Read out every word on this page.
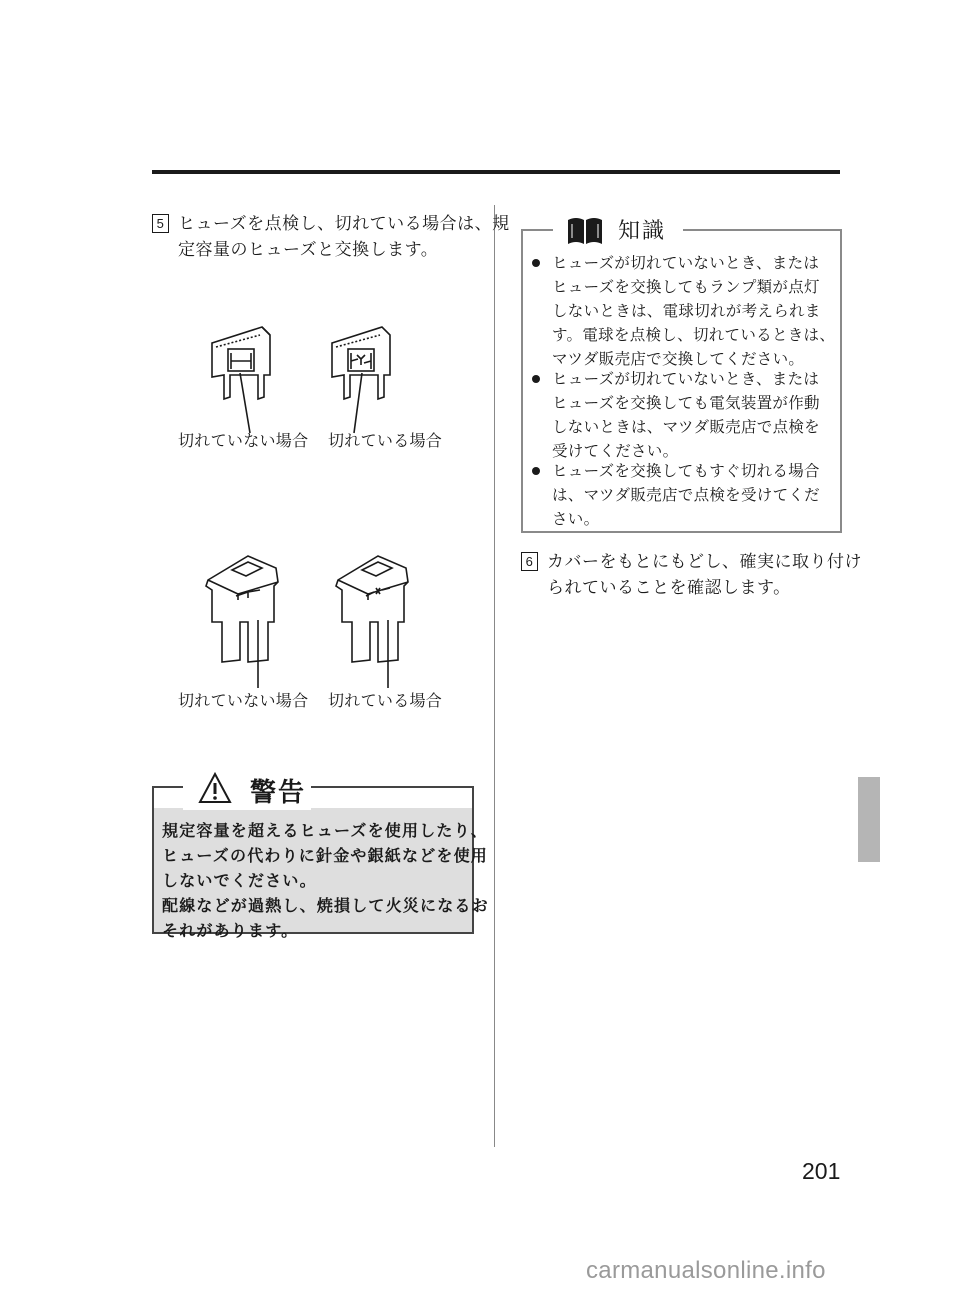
5 ヒューズを点検し、切れている場合は、規
定容量のヒューズと交換します。
切れていない場合 切れている場合
切れていない場合 切れている場合
警告
規定容量を超えるヒューズを使用したり、
ヒューズの代わりに針金や銀紙などを使用
しないでください。
配線などが過熱し、焼損して火災になるお
それがあります。
知識
ヒューズが切れていないとき、または
ヒューズを交換してもランプ類が点灯
しないときは、電球切れが考えられま
す。電球を点検し、切れているときは、
マツダ販売店で交換してください。
ヒューズが切れていないとき、または
ヒューズを交換しても電気装置が作動
しないときは、マツダ販売店で点検を
受けてください。
ヒューズを交換してもすぐ切れる場合
は、マツダ販売店で点検を受けてくだ
さい。
6 カバーをもとにもどし、確実に取り付け
られていることを確認します。
201
carmanualsonline.info
